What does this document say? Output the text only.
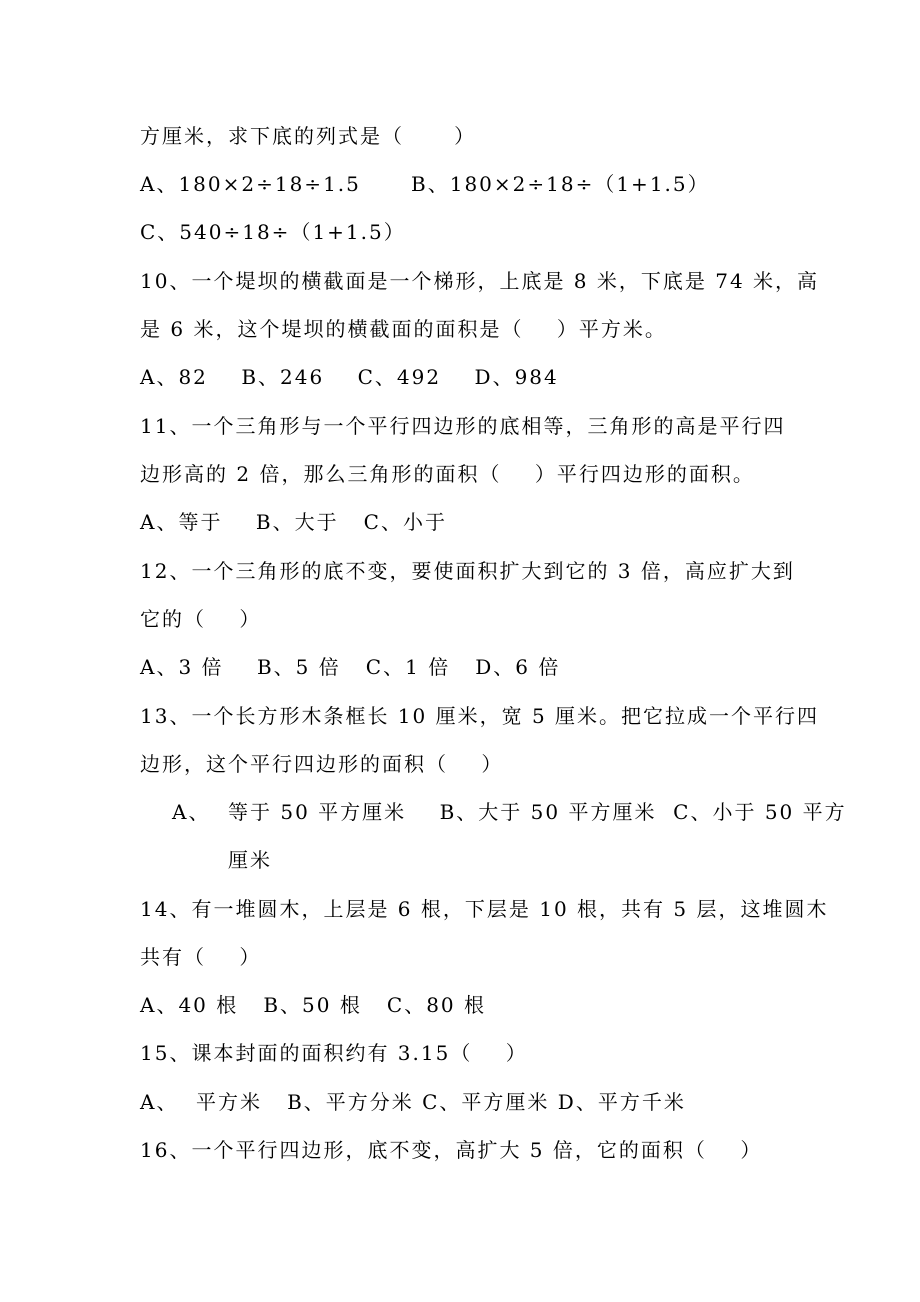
方厘米，求下底的列式是（      ）
A、180×2÷18÷1.5      B、180×2÷18÷（1+1.5）
C、540÷18÷（1+1.5）
10、一个堤坝的横截面是一个梯形，上底是 8 米，下底是 74 米，高
是 6 米，这个堤坝的横截面的面积是（    ）平方米。
A、82    B、246    C、492    D、984
11、一个三角形与一个平行四边形的底相等，三角形的高是平行四
边形高的 2 倍，那么三角形的面积（    ）平行四边形的面积。
A、等于    B、大于   C、小于
12、一个三角形的底不变，要使面积扩大到它的 3 倍，高应扩大到
它的（    ）
A、3 倍    B、5 倍   C、1 倍   D、6 倍
13、一个长方形木条框长 10 厘米，宽 5 厘米。把它拉成一个平行四
边形，这个平行四边形的面积（    ）
A、 等于 50 平方厘米    B、大于 50 平方厘米  C、小于 50 平方
厘米
14、有一堆圆木，上层是 6 根，下层是 10 根，共有 5 层，这堆圆木
共有（    ）
A、40 根   B、50 根   C、80 根
15、课本封面的面积约有 3.15（    ）
A、 平方米   B、平方分米 C、平方厘米 D、平方千米
16、一个平行四边形，底不变，高扩大 5 倍，它的面积（    ）
